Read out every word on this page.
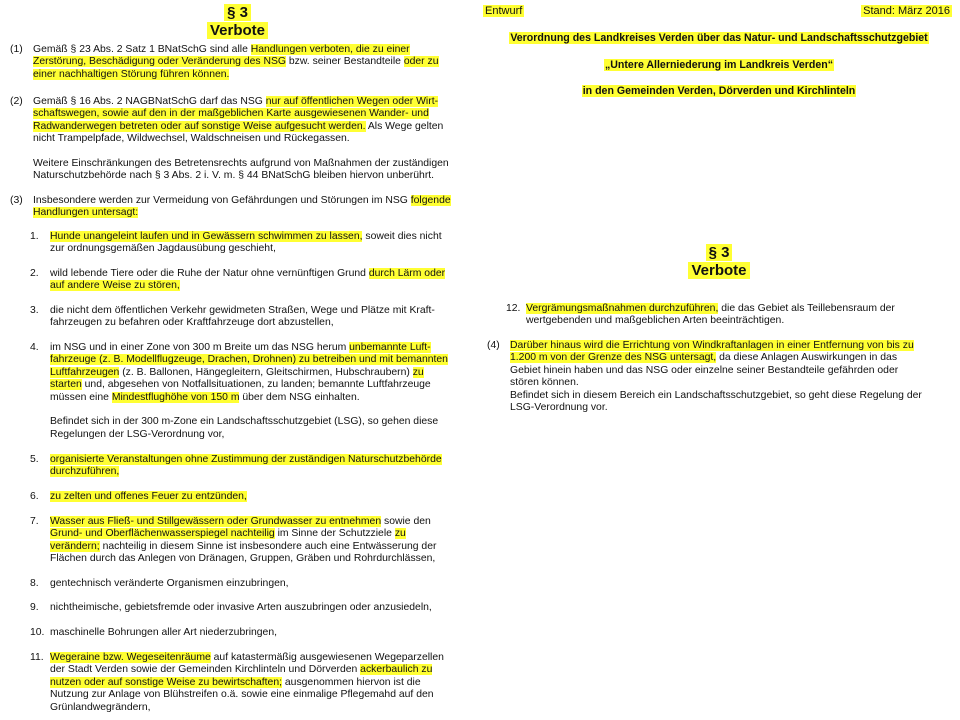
§ 3
Verbote
(1) Gemäß § 23 Abs. 2 Satz 1 BNatSchG sind alle Handlungen verboten, die zu einer
Zerstörung, Beschädigung oder Veränderung des NSG bzw. seiner Bestandteile oder zu
einer nachhaltigen Störung führen können.
(2) Gemäß § 16 Abs. 2 NAGBNatSchG darf das NSG nur auf öffentlichen Wegen oder Wirt-
schaftswegen, sowie auf den in der maßgeblichen Karte ausgewiesenen Wander- und
Radwanderwegen betreten oder auf sonstige Weise aufgesucht werden. Als Wege gelten
nicht Trampelpfade, Wildwechsel, Waldschneisen und Rückegassen.

Weitere Einschränkungen des Betretensrechts aufgrund von Maßnahmen der zuständigen
Naturschutzbehörde nach § 3 Abs. 2 i. V. m. § 44 BNatSchG bleiben hiervon unberührt.
(3) Insbesondere werden zur Vermeidung von Gefährdungen und Störungen im NSG folgende
Handlungen untersagt:
1. Hunde unangeleint laufen und in Gewässern schwimmen zu lassen, soweit dies nicht
zur ordnungsgemäßen Jagdausübung geschieht,
2. wild lebende Tiere oder die Ruhe der Natur ohne vernünftigen Grund durch Lärm oder
auf andere Weise zu stören,
3. die nicht dem öffentlichen Verkehr gewidmeten Straßen, Wege und Plätze mit Kraft-
fahrzeugen zu befahren oder Kraftfahrzeuge dort abzustellen,
4. im NSG und in einer Zone von 300 m Breite um das NSG herum unbemannte Luft-
fahrzeuge (z. B. Modellflugzeuge, Drachen, Drohnen) zu betreiben und mit bemannten
Luftfahrzeugen (z. B. Ballonen, Hängegleitern, Gleitschirmen, Hubschraubern) zu
starten und, abgesehen von Notfallsituationen, zu landen; bemannte Luftfahrzeuge
müssen eine Mindestflughöhe von 150 m über dem NSG einhalten.

Befindet sich in der 300 m-Zone ein Landschaftsschutzgebiet (LSG), so gehen diese
Regelungen der LSG-Verordnung vor,
5. organisierte Veranstaltungen ohne Zustimmung der zuständigen Naturschutzbehörde
durchzuführen,
6. zu zelten und offenes Feuer zu entzünden,
7. Wasser aus Fließ- und Stillgewässern oder Grundwasser zu entnehmen sowie den
Grund- und Oberflächenwasserspiegel nachteilig im Sinne der Schutzziele zu
verändern; nachteilig in diesem Sinne ist insbesondere auch eine Entwässerung der
Flächen durch das Anlegen von Dränagen, Gruppen, Gräben und Rohrdurchlässen,
8. gentechnisch veränderte Organismen einzubringen,
9. nichtheimische, gebietsfremde oder invasive Arten auszubringen oder anzusiedeln,
10. maschinelle Bohrungen aller Art niederzubringen,
11. Wegeraine bzw. Wegeseitenräume auf katastermäßig ausgewiesenen Wegeparzellen
der Stadt Verden sowie der Gemeinden Kirchlinteln und Dörverden ackerbaulich zu
nutzen oder auf sonstige Weise zu bewirtschaften; ausgenommen hiervon ist die
Nutzung zur Anlage von Blühstreifen o.ä. sowie eine einmalige Pflegemahd auf den
Grünlandwegrändern,
Entwurf	Stand: März 2016
Verordnung des Landkreises Verden über das Natur- und Landschaftsschutzgebiet
„Untere Allerniederung im Landkreis Verden“
in den Gemeinden Verden, Dörverden und Kirchlinteln
§ 3
Verbote
12. Vergrämungsmaßnahmen durchzuführen, die das Gebiet als Teillebensraum der
wertgebenden und maßgeblichen Arten beeinträchtigen.
(4) Darüber hinaus wird die Errichtung von Windkraftanlagen in einer Entfernung von bis zu
1.200 m von der Grenze des NSG untersagt, da diese Anlagen Auswirkungen in das
Gebiet hinein haben und das NSG oder einzelne seiner Bestandteile gefährden oder
stören können.
Befindet sich in diesem Bereich ein Landschaftsschutzgebiet, so geht diese Regelung der
LSG-Verordnung vor.
